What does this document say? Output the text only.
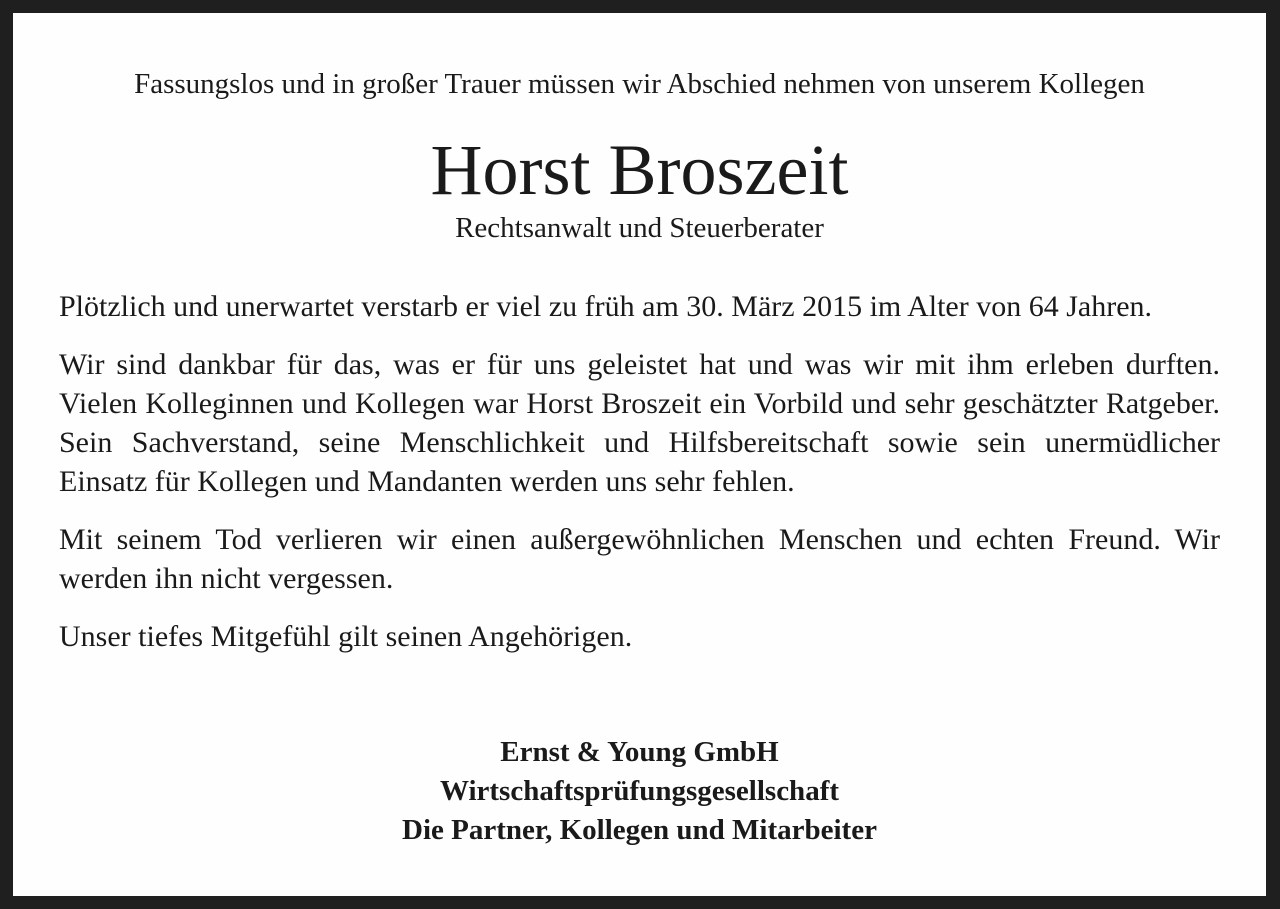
Fassungslos und in großer Trauer müssen wir Abschied nehmen von unserem Kollegen
Horst Broszeit
Rechtsanwalt und Steuerberater

Plötzlich und unerwartet verstarb er viel zu früh am 30. März 2015 im Alter von 64 Jahren.

Wir sind dankbar für das, was er für uns geleistet hat und was wir mit ihm erleben durften. Vielen Kolleginnen und Kollegen war Horst Broszeit ein Vorbild und sehr geschätzter Ratgeber. Sein Sachverstand, seine Menschlichkeit und Hilfsbereitschaft sowie sein unermüdlicher Einsatz für Kollegen und Mandanten werden uns sehr fehlen.

Mit seinem Tod verlieren wir einen außergewöhnlichen Menschen und echten Freund. Wir werden ihn nicht vergessen.

Unser tiefes Mitgefühl gilt seinen Angehörigen.

Ernst & Young GmbH
Wirtschaftsprüfungsgesellschaft
Die Partner, Kollegen und Mitarbeiter
